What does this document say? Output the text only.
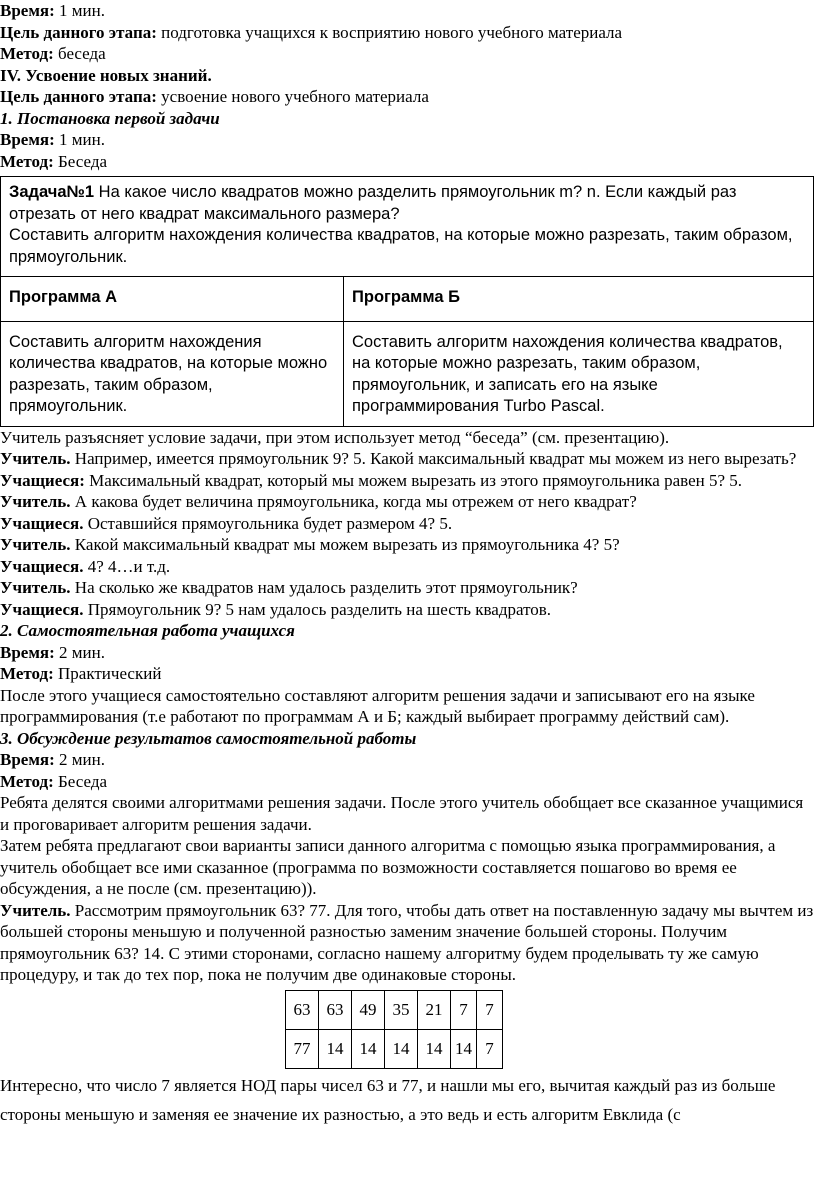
Время: 1 мин.

Цель данного этапа: подготовка учащихся к восприятию нового учебного материала

Метод: беседа

IV. Усвоение новых знаний.

Цель данного этапа: усвоение нового учебного материала

1. Постановка первой задачи

Время: 1 мин.

Метод: Беседа

Задача№1 На какое число квадратов можно разделить прямоугольник m? n. Если каждый раз отрезать от него квадрат максимального размера?
Составить алгоритм нахождения количества квадратов, на которые можно разрезать, таким образом, прямоугольник.	

Программа А	Программа Б
Составить алгоритм нахождения количества квадратов, на которые можно разрезать, таким образом, прямоугольник.	Составить алгоритм нахождения количества квадратов, на которые можно разрезать, таким образом, прямоугольник, и записать его на языке программирования Turbo Pascal.

Учитель разъясняет условие задачи, при этом использует метод “беседа” (см. презентацию).

Учитель. Например, имеется прямоугольник 9? 5. Какой максимальный квадрат мы можем из него вырезать?

Учащиеся: Максимальный квадрат, который мы можем вырезать из этого прямоугольника равен 5? 5.

Учитель. А какова будет величина прямоугольника, когда мы отрежем от него квадрат?

Учащиеся. Оставшийся прямоугольника будет размером 4? 5.

Учитель. Какой максимальный квадрат мы можем вырезать из прямоугольника 4? 5?

Учащиеся. 4? 4…и т.д.

Учитель. На сколько же квадратов нам удалось разделить этот прямоугольник?

Учащиеся. Прямоугольник 9? 5 нам удалось разделить на шесть квадратов.

2. Самостоятельная работа учащихся

Время: 2 мин.

Метод: Практический

После этого учащиеся самостоятельно составляют алгоритм решения задачи и записывают его на языке программирования (т.е работают по программам А и Б; каждый выбирает программу действий сам).

3. Обсуждение результатов самостоятельной работы

Время: 2 мин.

Метод: Беседа

Ребята делятся своими алгоритмами решения задачи. После этого учитель обобщает все сказанное учащимися и проговаривает алгоритм решения задачи.

Затем ребята предлагают свои варианты записи данного алгоритма с помощью языка программирования, а учитель обобщает все ими сказанное (программа по возможности составляется пошагово во время ее обсуждения, а не после (см. презентацию)).

Учитель. Рассмотрим прямоугольник 63? 77. Для того, чтобы дать ответ на поставленную задачу мы вычтем из большей стороны меньшую и полученной разностью заменим значение большей стороны. Получим прямоугольник 63? 14. С этими сторонами, согласно нашему алгоритму будем проделывать ту же самую процедуру, и так до тех пор, пока не получим две одинаковые стороны.

63	63	49	35	21	7	7
77	14	14	14	14	14	7

Интересно, что число 7 является НОД пары чисел 63 и 77, и нашли мы его, вычитая каждый раз из больше стороны меньшую и заменяя ее значение их разностью, а это ведь и есть алгоритм Евклида (с
